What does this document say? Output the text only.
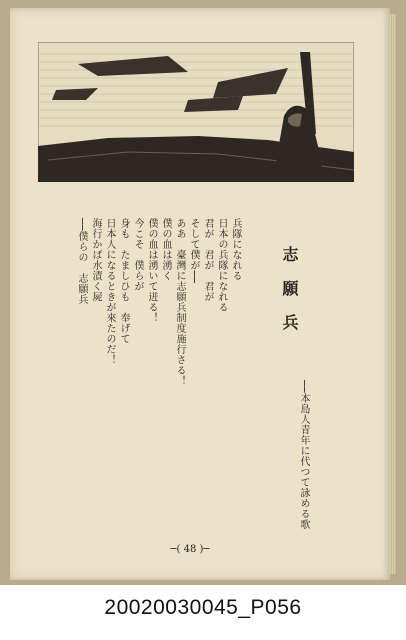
志願兵
──本島人青年に代つて詠める歌
兵隊になれる
日本の兵隊になれる
君が　君が　君が
そして僕が──
ああ　臺灣に志願兵制度施行さる！
僕の血は湧く
僕の血は湧いて迸る！
今こそ　僕らが
身も　たましひも　奉げて
日本人になるときが來たのだ！
海行かば水漬く屍
──僕らの　志願兵
─( 48 )─
20020030045_P056
